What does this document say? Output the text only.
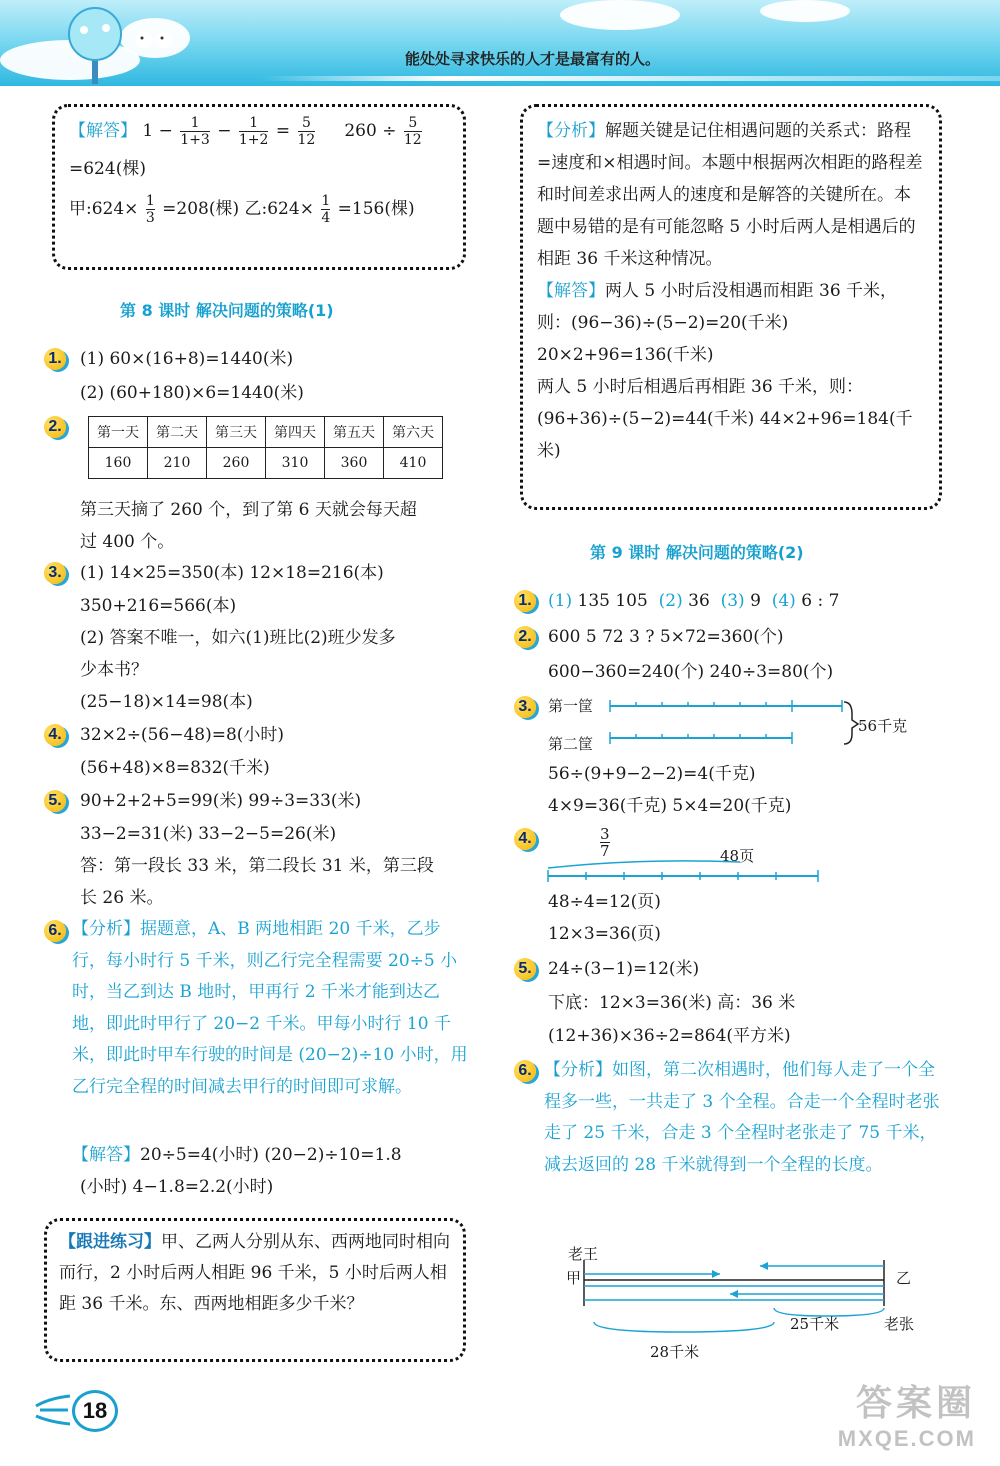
能处处寻求快乐的人才是最富有的人。
【解答】 $1 - \frac{1}{1+3} - \frac{1}{1+2} = \frac{5}{12} 260 \div \frac{5}{12}$
=624(棵)
甲:624× $\frac{1}{3} =208$(棵) 乙:624× $\frac{1}{4} =156$(棵)
第 8 课时 解决问题的策略(1)
1. (1) 60×(16+8)=1440(米)
(2) (60+180)×6=1440(米)
2.	第一天	第二天	第三天	第四天	第五天	第六天
160	210	260	310	360	410
第三天摘了 260 个，到了第 6 天就会每天超
过 400 个。
3. (1) 14×25=350(本) 12×18=216(本)
350+216=566(本)
(2) 答案不唯一，如六(1)班比(2)班少发多
少本书？
(25−18)×14=98(本)
4. 32×2÷(56−48)=8(小时)
(56+48)×8=832(千米)
5. 90+2+2+5=99(米) 99÷3=33(米)
33−2=31(米) 33−2−5=26(米)
答：第一段长 33 米，第二段长 31 米，第三段
长 26 米。
6. 【分析】据题意，A、B 两地相距 20 千米，乙步行，每小时行 5 千米，则乙行完全程需要 20÷5 小时，当乙到达 B 地时，甲再行 2 千米才能到达乙地，即此时甲行了 20−2 千米。甲每小时行 10 千米，即此时甲车行驶的时间是 (20−2)÷10 小时，用乙行完全程的时间减去甲行的时间即可求解。
【解答】20÷5=4(小时) (20−2)÷10=1.8
(小时) 4−1.8=2.2(小时)
【跟进练习】甲、乙两人分别从东、西两地同时相向而行，2 小时后两人相距 96 千米，5 小时后两人相距 36 千米。东、西两地相距多少千米？
【分析】解题关键是记住相遇问题的关系式：路程=速度和×相遇时间。本题中根据两次相距的路程差和时间差求出两人的速度和是解答的关键所在。本题中易错的是有可能忽略 5 小时后两人是相遇后的相距 36 千米这种情况。
【解答】两人 5 小时后没相遇而相距 36 千米，则：(96−36)÷(5−2)=20(千米)
20×2+96=136(千米)
两人 5 小时后相遇后再相距 36 千米，则：(96+36)÷(5−2)=44(千米) 44×2+96=184(千米)
第 9 课时 解决问题的策略(2)
1. (1) 135 105 (2) 36 (3) 9 (4) 6 : 7
2. 600 5 72 3 ? 5×72=360(个)
600−360=240(个) 240÷3=80(个)
3. 第一筐
第二筐
56千克
56÷(9+9−2−2)=4(千克)
4×9=36(千克) 5×4=20(千克)
4.	$\frac{3}{7}$	48页
48÷4=12(页)
12×3=36(页)
5. 24÷(3−1)=12(米)
下底：12×3=36(米) 高：36 米
(12+36)×36÷2=864(平方米)
6. 【分析】如图，第二次相遇时，他们每人走了一个全程多一些，一共走了 3 个全程。合走一个全程时老张走了 25 千米，合走 3 个全程时老张走了 75 千米，减去返回的 28 千米就得到一个全程的长度。
老王
甲	乙
25千米	老张
28千米
18	答案圈
MXQE.COM
